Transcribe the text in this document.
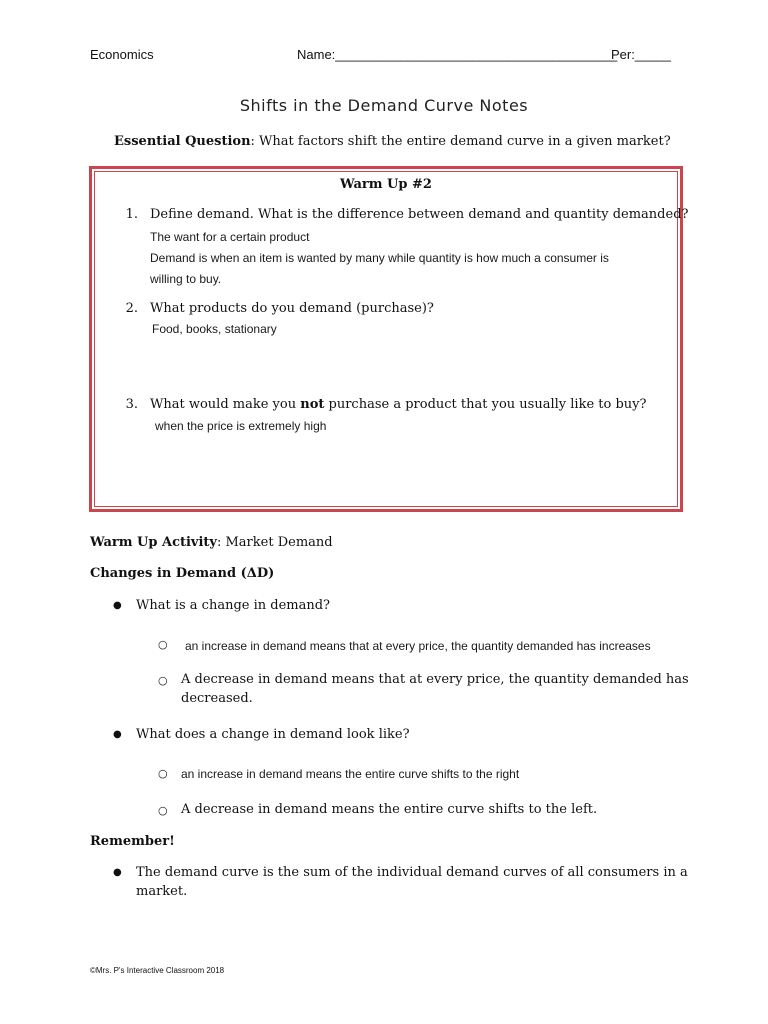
Economics	Name:_______________________________________
Per:_____
Shifts in the Demand Curve Notes
Essential Question: What factors shift the entire demand curve in a given market?
Warm Up #2
1. Define demand. What is the difference between demand and quantity demanded?
The want for a certain product
Demand is when an item is wanted by many while quantity is how much a consumer is
willing to buy.
2. What products do you demand (purchase)?
Food, books, stationary
3. What would make you not purchase a product that you usually like to buy?
when the price is extremely high
Warm Up Activity: Market Demand
Changes in Demand (ΔD)
● What is a change in demand?
○ an increase in demand means that at every price, the quantity demanded has increases
○ A decrease in demand means that at every price, the quantity demanded has
decreased.
● What does a change in demand look like?
○ an increase in demand means the entire curve shifts to the right
○ A decrease in demand means the entire curve shifts to the left.
Remember!
● The demand curve is the sum of the individual demand curves of all consumers in a
market.
©Mrs. P's Interactive Classroom 2018
